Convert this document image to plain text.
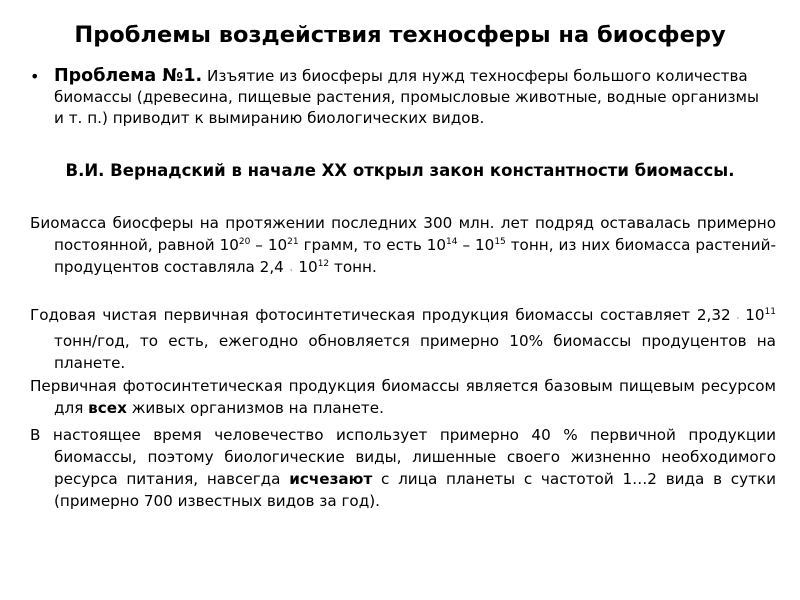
Проблемы воздействия техносферы на биосферу
• Проблема №1. Изъятие из биосферы для нужд техносферы большого количества биомассы (древесина, пищевые растения, промысловые животные, водные организмы и т. п.) приводит к вымиранию биологических видов.
В.И. Вернадский в начале XX открыл закон константности биомассы.
Биомасса биосферы на протяжении последних 300 млн. лет подряд оставалась примерно постоянной, равной $10^{20} - 10^{21}$ грамм, то есть $10^{14} - 10^{15}$ тонн, из них биомасса растений-продуцентов составляла $2,4 \cdot 10^{12}$ тонн.
Годовая чистая первичная фотосинтетическая продукция биомассы составляет $2,32 \cdot 10^{11}$ тонн/год, то есть, ежегодно обновляется примерно 10% биомассы продуцентов на планете.
Первичная фотосинтетическая продукция биомассы является базовым пищевым ресурсом для всех живых организмов на планете.
В настоящее время человечество использует примерно 40 % первичной продукции биомассы, поэтому биологические виды, лишенные своего жизненно необходимого ресурса питания, навсегда исчезают с лица планеты с частотой 1…2 вида в сутки (примерно 700 известных видов за год).
